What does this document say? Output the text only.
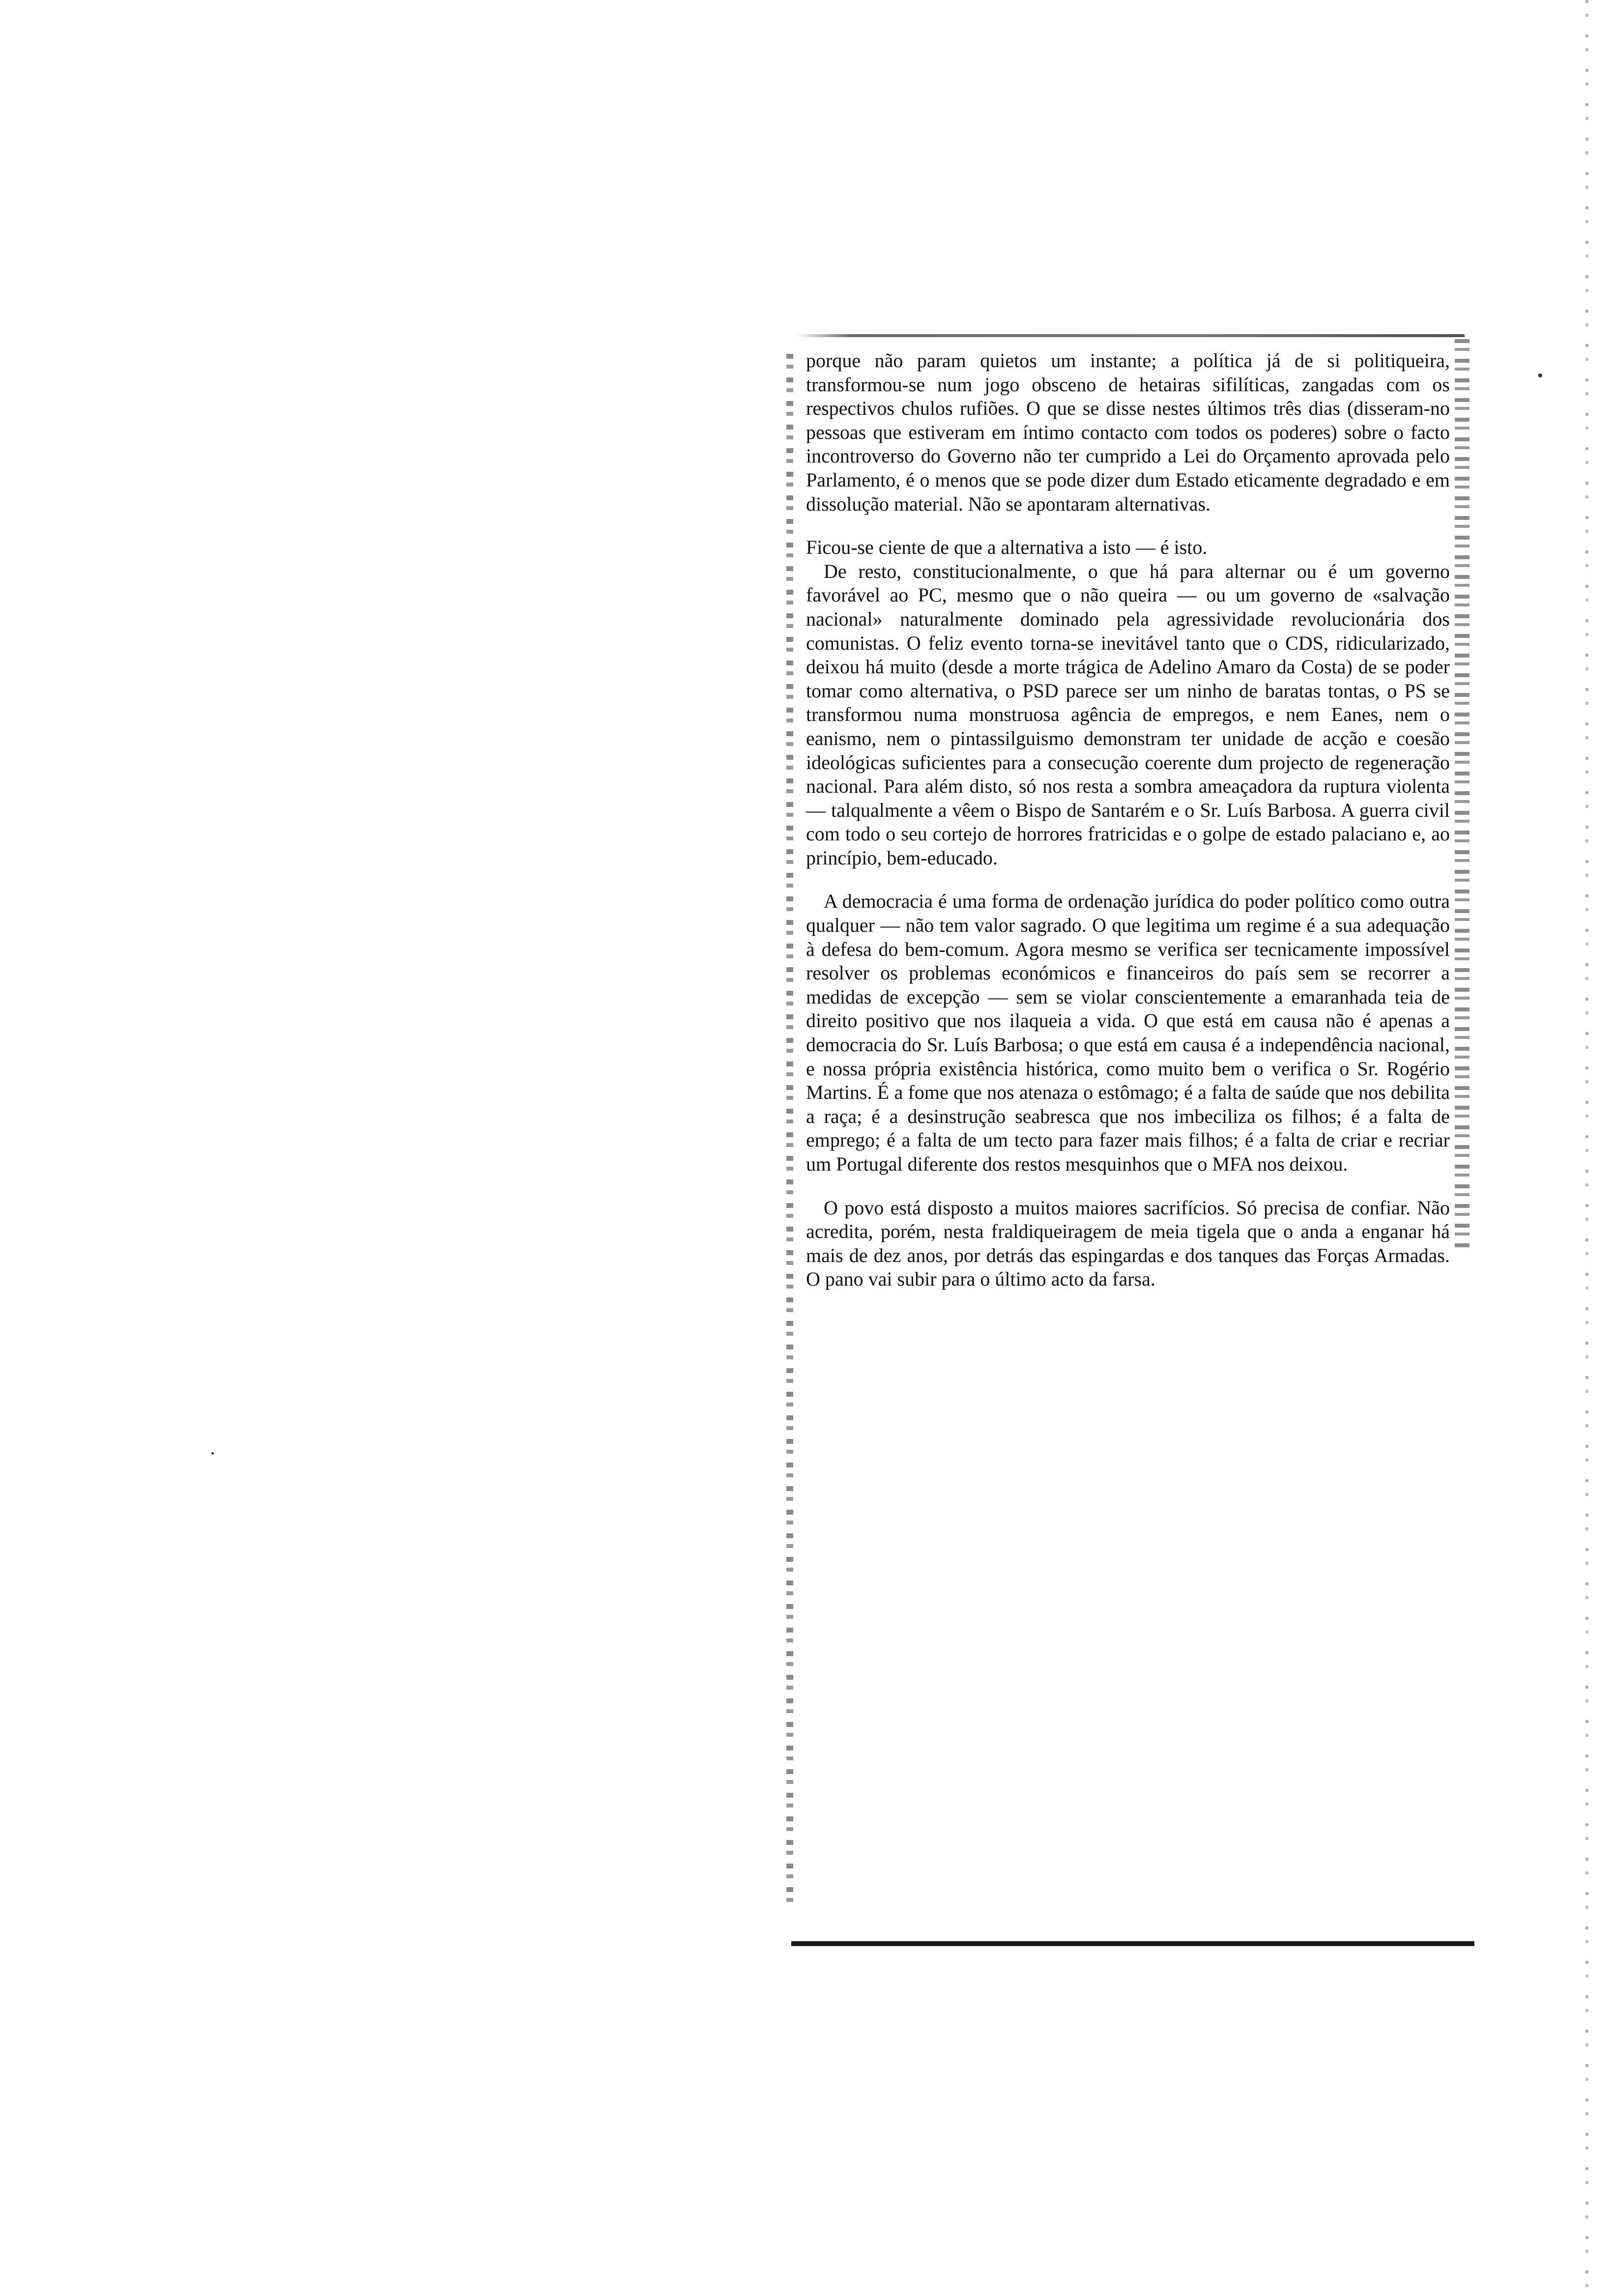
porque não param quietos um instante; a política já de si politiqueira, transformou-se num jogo obsceno de hetairas sifilíticas, zangadas com os respectivos chulos rufiões. O que se disse nestes últimos três dias (disseram-no pessoas que estiveram em íntimo contacto com todos os poderes) sobre o facto incontroverso do Governo não ter cumprido a Lei do Orçamento aprovada pelo Parlamento, é o menos que se pode dizer dum Estado eticamente degradado e em dissolução material. Não se apontaram alternativas.

Ficou-se ciente de que a alternativa a isto — é isto.

De resto, constitucionalmente, o que há para alternar ou é um governo favorável ao PC, mesmo que o não queira — ou um governo de «salvação nacional» naturalmente dominado pela agressividade revolucionária dos comunistas. O feliz evento torna-se inevitável tanto que o CDS, ridicularizado, deixou há muito (desde a morte trágica de Adelino Amaro da Costa) de se poder tomar como alternativa, o PSD parece ser um ninho de baratas tontas, o PS se transformou numa monstruosa agência de empregos, e nem Eanes, nem o eanismo, nem o pintassilguismo demonstram ter unidade de acção e coesão ideológicas suficientes para a consecução coerente dum projecto de regeneração nacional. Para além disto, só nos resta a sombra ameaçadora da ruptura violenta — talqualmente a vêem o Bispo de Santarém e o Sr. Luís Barbosa. A guerra civil com todo o seu cortejo de horrores fratricidas e o golpe de estado palaciano e, ao princípio, bem-educado.

A democracia é uma forma de ordenação jurídica do poder político como outra qualquer — não tem valor sagrado. O que legitima um regime é a sua adequação à defesa do bem-comum. Agora mesmo se verifica ser tecnicamente impossível resolver os problemas económicos e financeiros do país sem se recorrer a medidas de excepção — sem se violar conscientemente a emaranhada teia de direito positivo que nos ilaqueia a vida. O que está em causa não é apenas a democracia do Sr. Luís Barbosa; o que está em causa é a independência nacional, e nossa própria existência histórica, como muito bem o verifica o Sr. Rogério Martins. É a fome que nos atenaza o estômago; é a falta de saúde que nos debilita a raça; é a desinstrução seabresca que nos imbeciliza os filhos; é a falta de emprego; é a falta de um tecto para fazer mais filhos; é a falta de criar e recriar um Portugal diferente dos restos mesquinhos que o MFA nos deixou.

O povo está disposto a muitos maiores sacrifícios. Só precisa de confiar. Não acredita, porém, nesta fraldiqueiragem de meia tigela que o anda a enganar há mais de dez anos, por detrás das espingardas e dos tanques das Forças Armadas. O pano vai subir para o último acto da farsa.
